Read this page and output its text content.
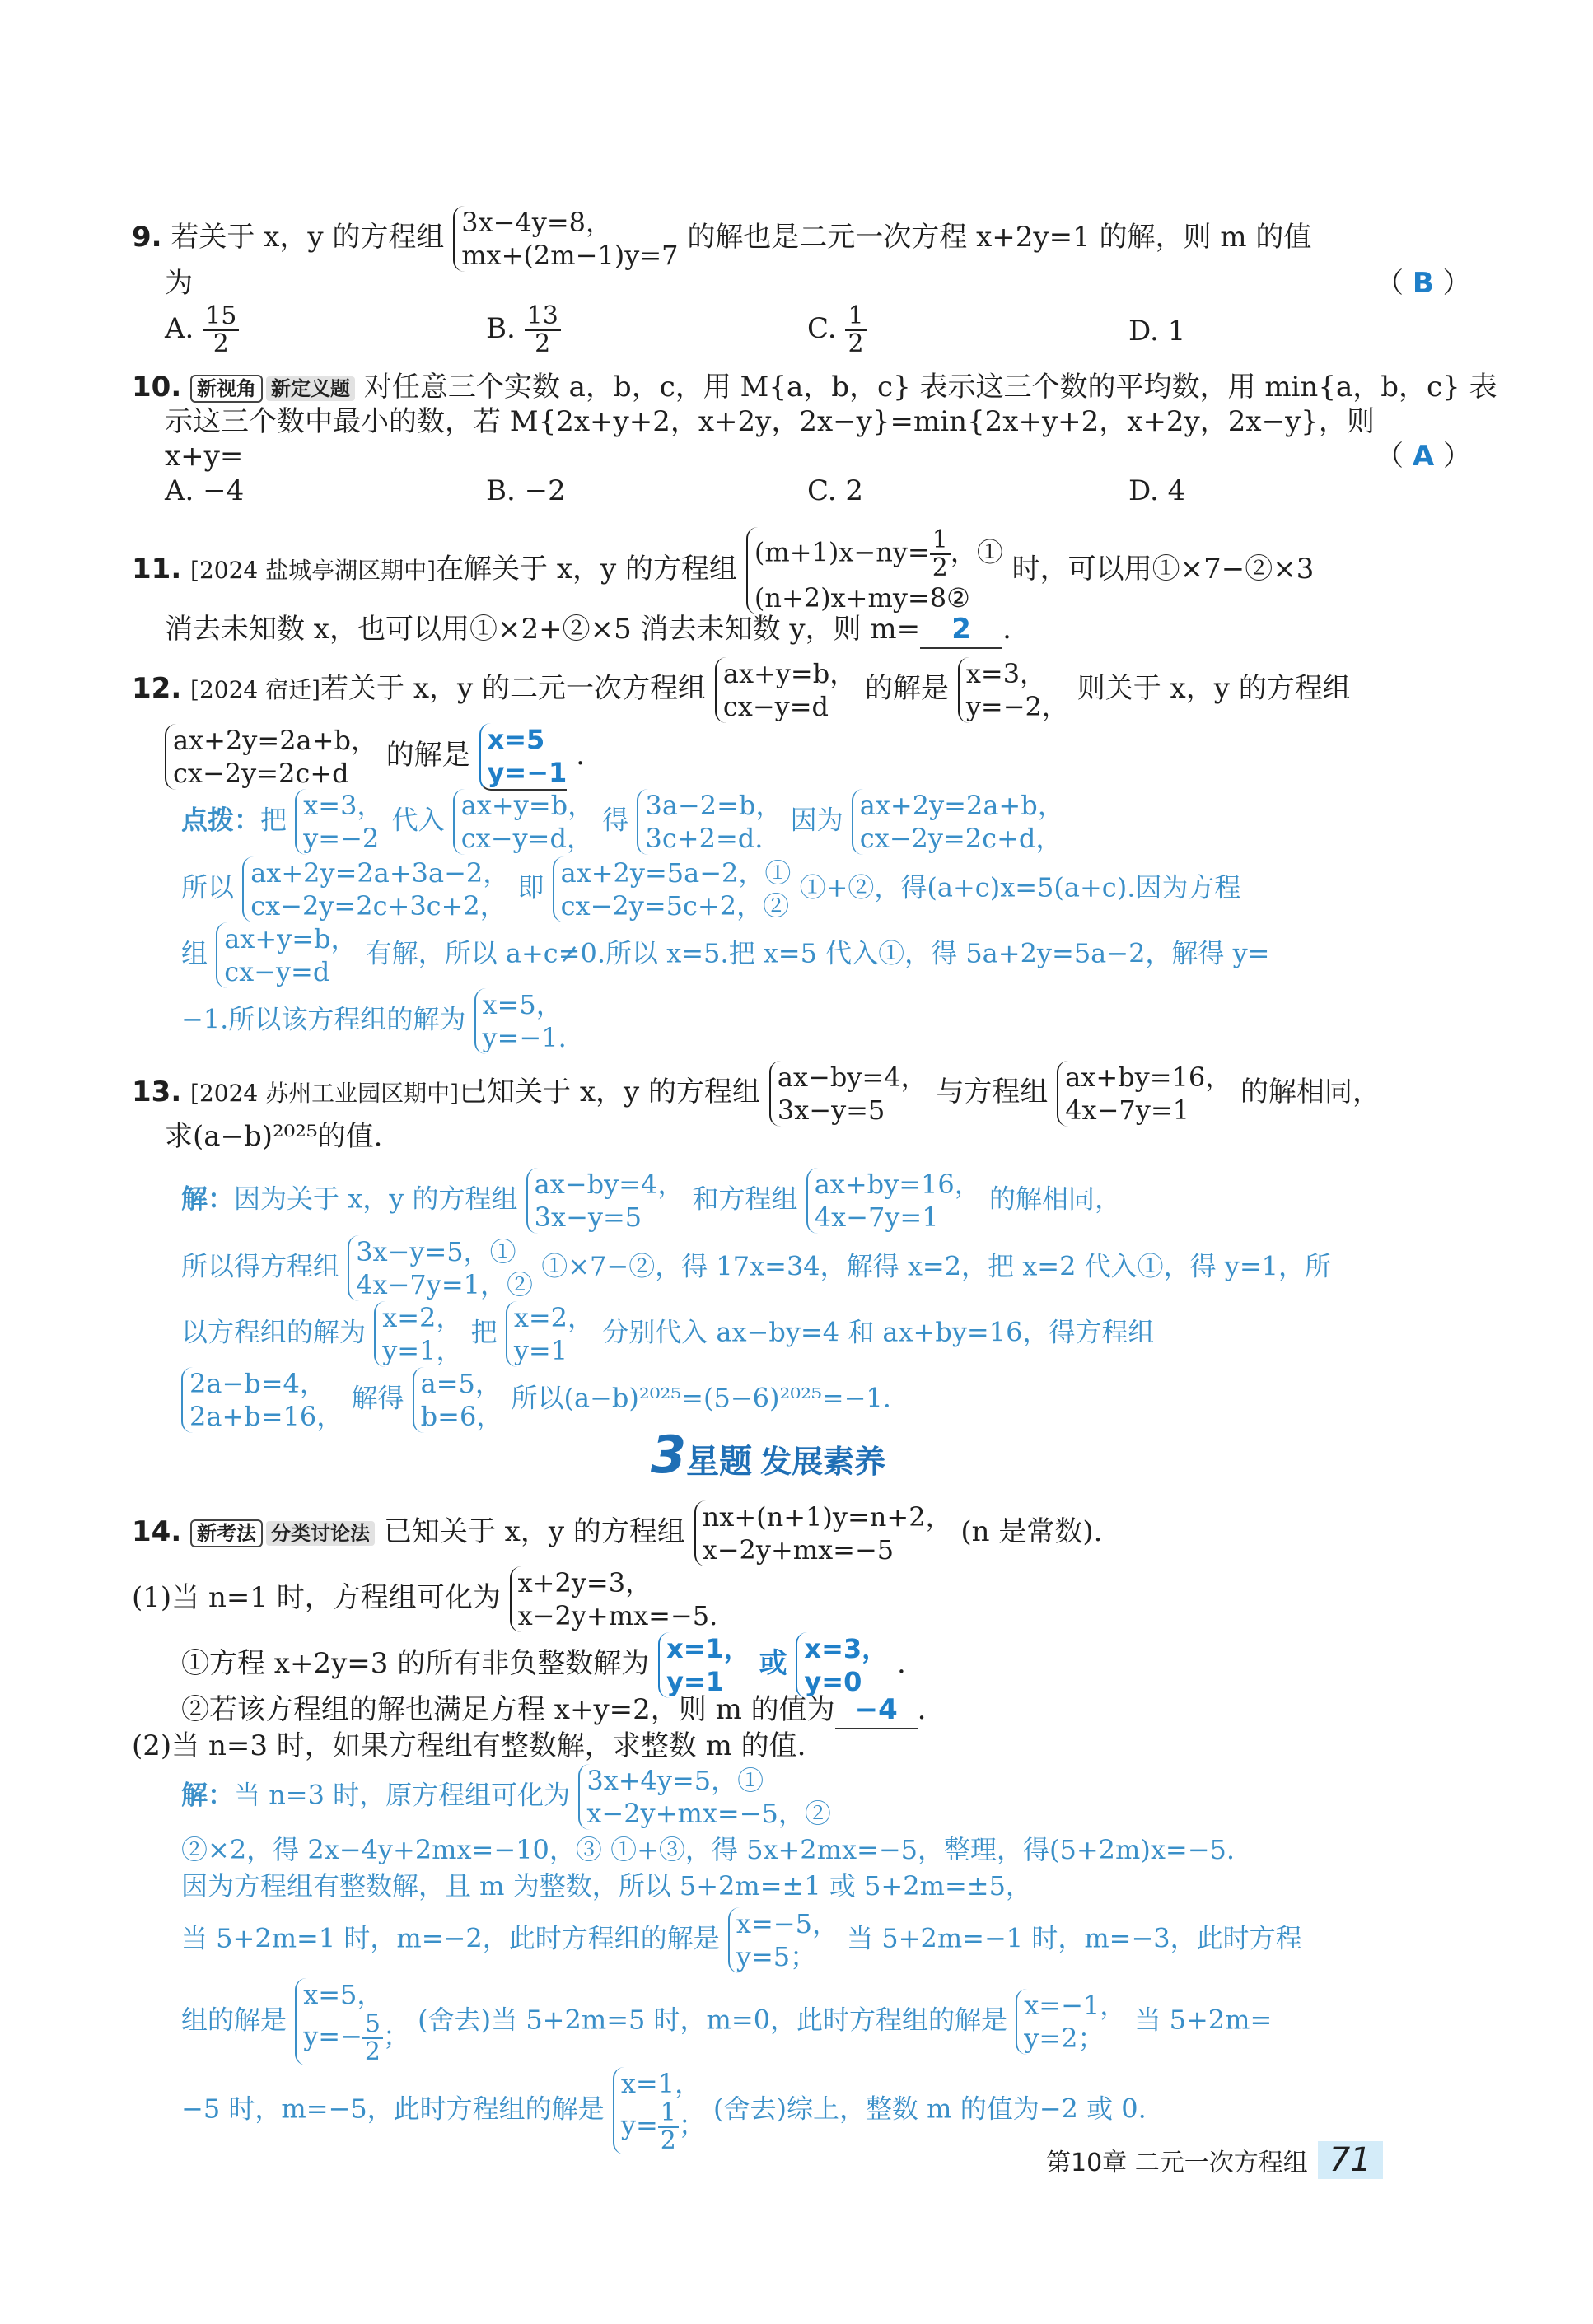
9. 若关于 x，y 的方程组 3x−4y=8，
mx+(2m−1)y=7
的解也是二元一次方程 x+2y=1 的解，则 m 的值
为	（ B ）
A. $\frac{15}{2}$	B. $\frac{13}{2}$	C. $\frac{1}{2}$	D. 1
10. 新视角 新定义题 对任意三个实数 a，b，c，用 M{a，b，c} 表示这三个数的平均数，用 min{a，b，c} 表
示这三个数中最小的数，若 M{2x+y+2，x+2y，2x−y}=min{2x+y+2，x+2y，2x−y}，则
x+y=	（ A ）
A. −4	B. −2	C. 2	D. 4
11. [2024 盐城亭湖区期中]在解关于 x，y 的方程组
$(m+1)x-ny= \frac{1}{2}$ ，①
(n+2)x+my=8②
时，可以用①×7−②×3
消去未知数 x，也可以用①×2+②×5 消去未知数 y，则 m= 2 .
12. [2024 宿迁]若关于 x，y 的二元一次方程组 ax+y=b，
cx−y=d
的解是 x=3，
y=−2，
则关于 x，y 的方程组
ax+2y=2a+b，
cx−2y=2c+d
的解是 x=5
y=−1
.
点拨：把 x=3，
y=−2
代入 ax+y=b，
cx−y=d，
得 3a−2=b，
3c+2=d.
因为 ax+2y=2a+b，
cx−2y=2c+d，
所以 ax+2y=2a+3a−2，
cx−2y=2c+3c+2，
即 ax+2y=5a−2，①
cx−2y=5c+2，②
①+②，得(a+c)x=5(a+c).因为方程
组 ax+y=b，
cx−y=d
有解，所以 a+c≠0.所以 x=5.把 x=5 代入①，得 5a+2y=5a−2，解得 y=
−1.所以该方程组的解为 x=5，
y=−1.
13. [2024 苏州工业园区期中]已知关于 x，y 的方程组 ax−by=4，
3x−y=5
与方程组 ax+by=16，
4x−7y=1
的解相同，
求(a−b)²⁰²⁵的值.
解：因为关于 x，y 的方程组 ax−by=4，
3x−y=5
和方程组 ax+by=16，
4x−7y=1
的解相同，
所以得方程组 3x−y=5，①
4x−7y=1，②
①×7−②，得 17x=34，解得 x=2，把 x=2 代入①，得 y=1，所
以方程组的解为 x=2，
y=1，
把 x=2，
y=1
分别代入 ax−by=4 和 ax+by=16，得方程组
2a−b=4，
2a+b=16，
解得 a=5，
b=6，
所以(a−b)²⁰²⁵=(5−6)²⁰²⁵=−1.
3星题 发展素养
14. 新考法 分类讨论法 已知关于 x，y 的方程组 nx+(n+1)y=n+2，
x−2y+mx=−5
(n 是常数).
(1)当 n=1 时，方程组可化为 x+2y=3，
x−2y+mx=−5.
①方程 x+2y=3 的所有非负整数解为 x=1，
y=1
或 x=3，
y=0
.
②若该方程组的解也满足方程 x+y=2，则 m 的值为 −4 .
(2)当 n=3 时，如果方程组有整数解，求整数 m 的值.
解：当 n=3 时，原方程组可化为 3x+4y=5，①
x−2y+mx=−5，②
②×2，得 2x−4y+2mx=−10，③ ①+③，得 5x+2mx=−5，整理，得(5+2m)x=−5.
因为方程组有整数解，且 m 为整数，所以 5+2m=±1 或 5+2m=±5，
当 5+2m=1 时，m=−2，此时方程组的解是 x=−5，
y=5；
当 5+2m=−1 时，m=−3，此时方程
组的解是
x=5，
$y=- \frac{5}{2}$ ；
(舍去)当 5+2m=5 时，m=0，此时方程组的解是 x=−1，
y=2；
当 5+2m=
−5 时，m=−5，此时方程组的解是
x=1，
$y= \frac{1}{2}$ ；
(舍去)综上，整数 m 的值为−2 或 0.
第10章 二元一次方程组 71
